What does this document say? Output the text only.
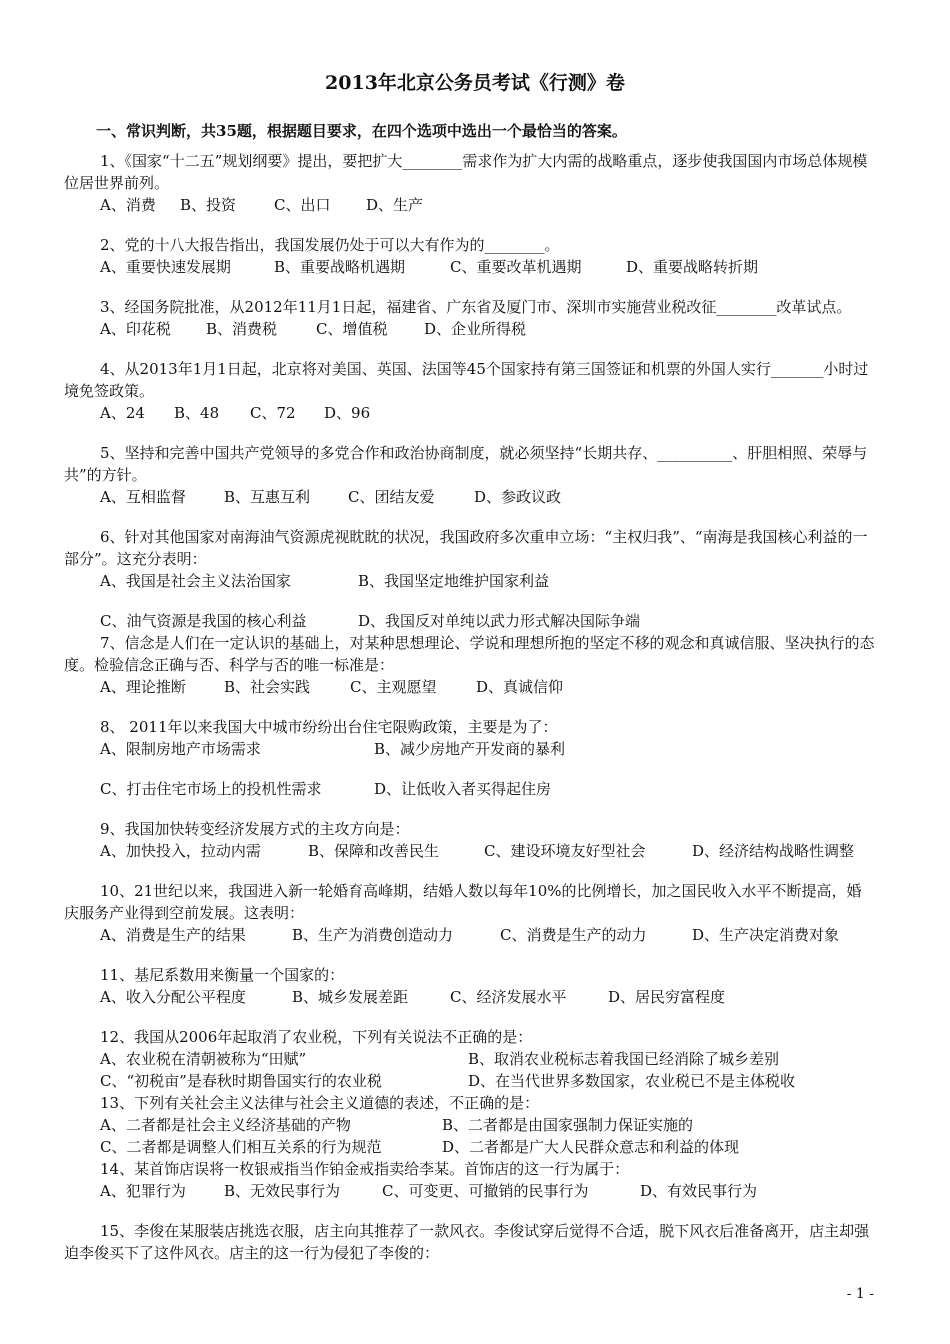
2013年北京公务员考试《行测》卷
一、常识判断，共35题，根据题目要求，在四个选项中选出一个最恰当的答案。

1、《国家“十二五”规划纲要》提出，要把扩大________需求作为扩大内需的战略重点，逐步使我国国内市场总体规模位居世界前列。

A、消费	B、投资	C、出口	D、生产

2、党的十八大报告指出，我国发展仍处于可以大有作为的________。

A、重要快速发展期	B、重要战略机遇期	C、重要改革机遇期	D、重要战略转折期

3、经国务院批准，从2012年11月1日起，福建省、广东省及厦门市、深圳市实施营业税改征________改革试点。

A、印花税	B、消费税	C、增值税	D、企业所得税

4、从2013年1月1日起，北京将对美国、英国、法国等45个国家持有第三国签证和机票的外国人实行_______小时过境免签政策。

A、24	B、48	C、72	D、96

5、坚持和完善中国共产党领导的多党合作和政治协商制度，就必须坚持“长期共存、__________、肝胆相照、荣辱与共”的方针。

A、互相监督	B、互惠互利	C、团结友爱	D、参政议政

6、针对其他国家对南海油气资源虎视眈眈的状况，我国政府多次重申立场：“主权归我”、“南海是我国核心利益的一部分”。这充分表明：

A、我国是社会主义法治国家	B、我国坚定地维护国家利益
C、油气资源是我国的核心利益	D、我国反对单纯以武力形式解决国际争端

7、信念是人们在一定认识的基础上，对某种思想理论、学说和理想所抱的坚定不移的观念和真诚信服、坚决执行的态度。检验信念正确与否、科学与否的唯一标准是：

A、理论推断	B、社会实践	C、主观愿望	D、真诚信仰

8、 2011年以来我国大中城市纷纷出台住宅限购政策，主要是为了：

A、限制房地产市场需求	B、减少房地产开发商的暴利
C、打击住宅市场上的投机性需求	D、让低收入者买得起住房

9、我国加快转变经济发展方式的主攻方向是：

A、加快投入，拉动内需	B、保障和改善民生	C、建设环境友好型社会	D、经济结构战略性调整

10、21世纪以来，我国进入新一轮婚育高峰期，结婚人数以每年10%的比例增长，加之国民收入水平不断提高，婚庆服务产业得到空前发展。这表明：

A、消费是生产的结果	B、生产为消费创造动力	C、消费是生产的动力	D、生产决定消费对象

11、基尼系数用来衡量一个国家的：

A、收入分配公平程度	B、城乡发展差距	C、经济发展水平	D、居民穷富程度

12、我国从2006年起取消了农业税，下列有关说法不正确的是：

A、农业税在清朝被称为“田赋”	B、取消农业税标志着我国已经消除了城乡差别
C、“初税亩”是春秋时期鲁国实行的农业税	D、在当代世界多数国家，农业税已不是主体税收

13、下列有关社会主义法律与社会主义道德的表述，不正确的是：

A、二者都是社会主义经济基础的产物	B、二者都是由国家强制力保证实施的
C、二者都是调整人们相互关系的行为规范	D、二者都是广大人民群众意志和利益的体现

14、某首饰店误将一枚银戒指当作铂金戒指卖给李某。首饰店的这一行为属于：

A、犯罪行为	B、无效民事行为	C、可变更、可撤销的民事行为	D、有效民事行为

15、李俊在某服装店挑选衣服，店主向其推荐了一款风衣。李俊试穿后觉得不合适，脱下风衣后准备离开，店主却强迫李俊买下了这件风衣。店主的这一行为侵犯了李俊的：

- 1 -
